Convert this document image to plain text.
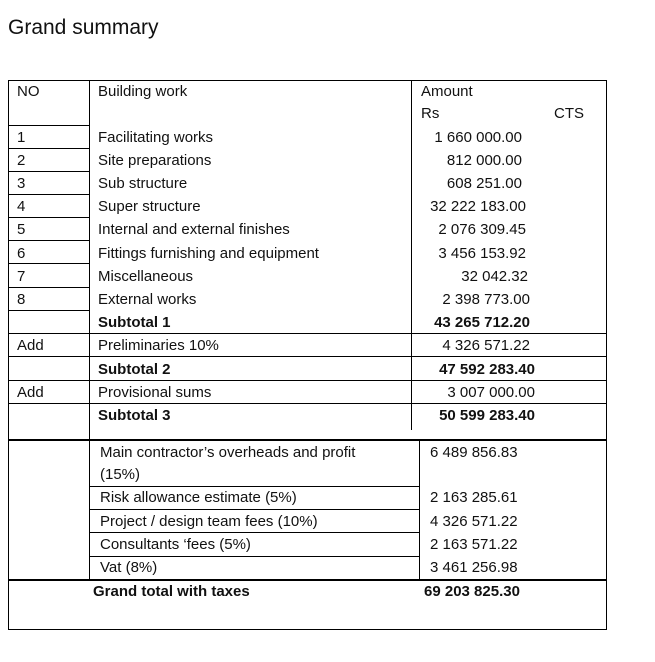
Grand summary
NO	Building work	Amount
Rs	CTS
1	Facilitating works	1 660 000.00
2	Site preparations	812 000.00
3	Sub structure	608 251.00
4	Super structure	32 222 183.00
5	Internal and external finishes	2 076 309.45
6	Fittings furnishing and equipment	3 456 153.92
7	Miscellaneous	32 042.32
8	External works	2 398 773.00
Subtotal 1	43 265 712.20
Add	Preliminaries 10%	4 326 571.22
Subtotal 2	47 592 283.40
Add	Provisional sums	3 007 000.00
Subtotal 3	50 599 283.40
Main contractor’s overheads and profit
(15%)
6 489 856.83
Risk allowance estimate (5%)	2 163 285.61
Project / design team fees (10%)	4 326 571.22
Consultants ‘fees (5%)	2 163 571.22
Vat (8%)	3 461 256.98
Grand total with taxes	69 203 825.30
